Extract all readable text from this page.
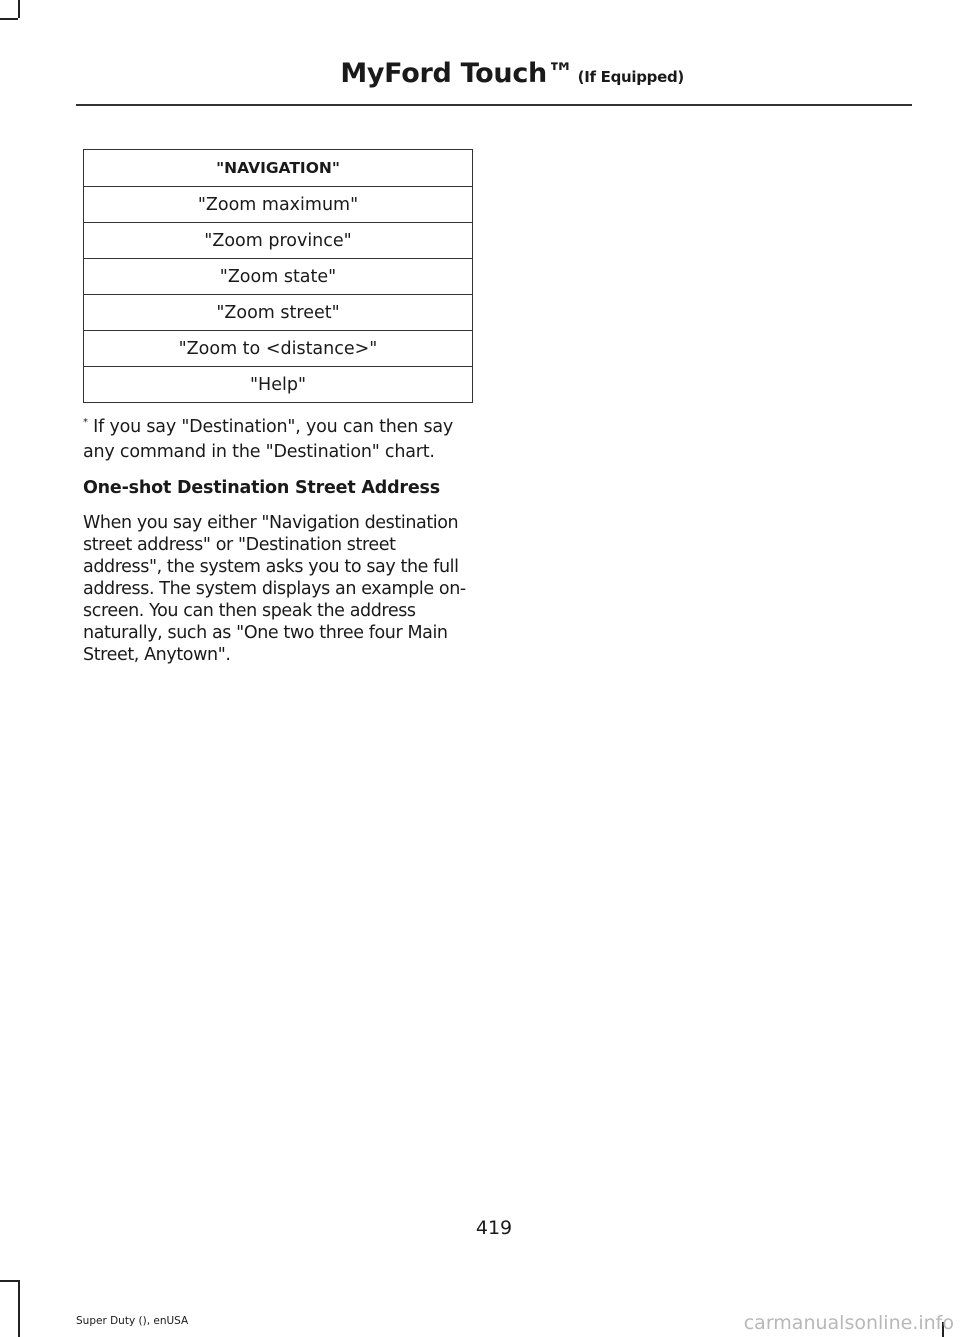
MyFord Touch™ (If Equipped)
"NAVIGATION"
"Zoom maximum"
"Zoom province"
"Zoom state"
"Zoom street"
"Zoom to <distance>"
"Help"
* If you say "Destination", you can then say any command in the "Destination" chart.
One-shot Destination Street Address
When you say either "Navigation destination street address" or "Destination street address", the system asks you to say the full address. The system displays an example on-screen. You can then speak the address naturally, such as "One two three four Main Street, Anytown".
419
Super Duty (), enUSA	carmanualsonline.info
